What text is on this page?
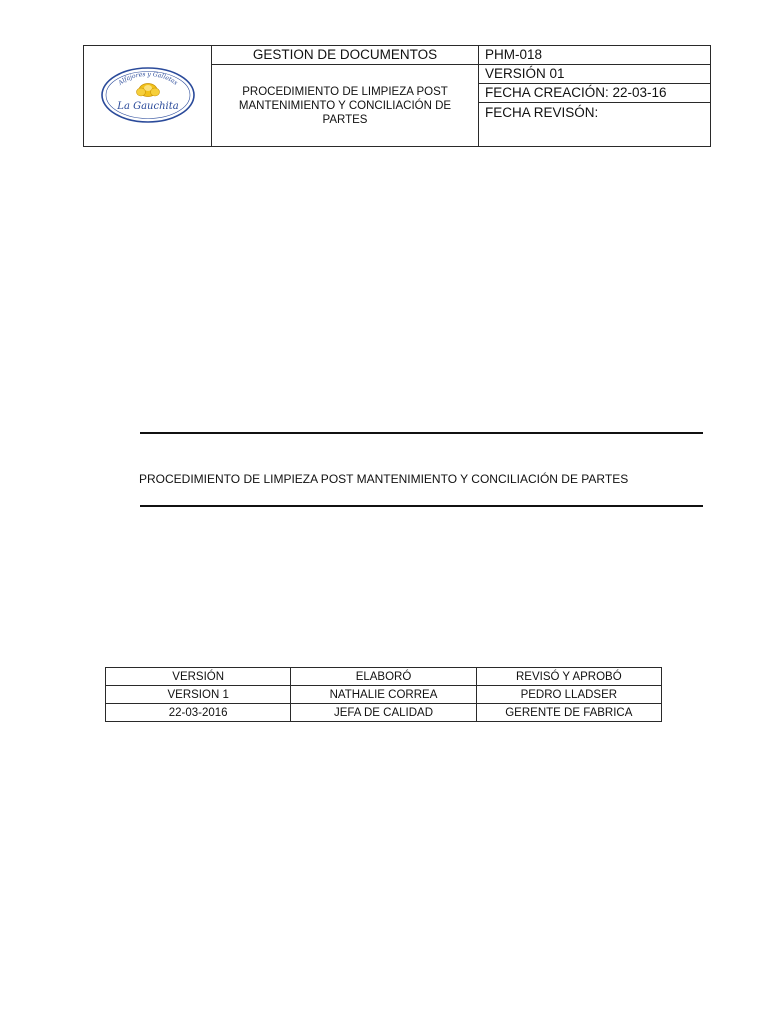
Alfajores y Galletas
La Gauchita	GESTION DE DOCUMENTOS	PHM-018
	PROCEDIMIENTO DE LIMPIEZA POST MANTENIMIENTO Y CONCILIACIÓN DE PARTES	VERSIÓN 01
		FECHA CREACIÓN: 22-03-16
		FECHA REVISÓN:
PROCEDIMIENTO DE LIMPIEZA POST MANTENIMIENTO Y CONCILIACIÓN DE PARTES
VERSIÓN	ELABORÓ	REVISÓ Y APROBÓ
VERSION 1	NATHALIE CORREA	PEDRO LLADSER
22-03-2016	JEFA DE CALIDAD	GERENTE DE FABRICA
